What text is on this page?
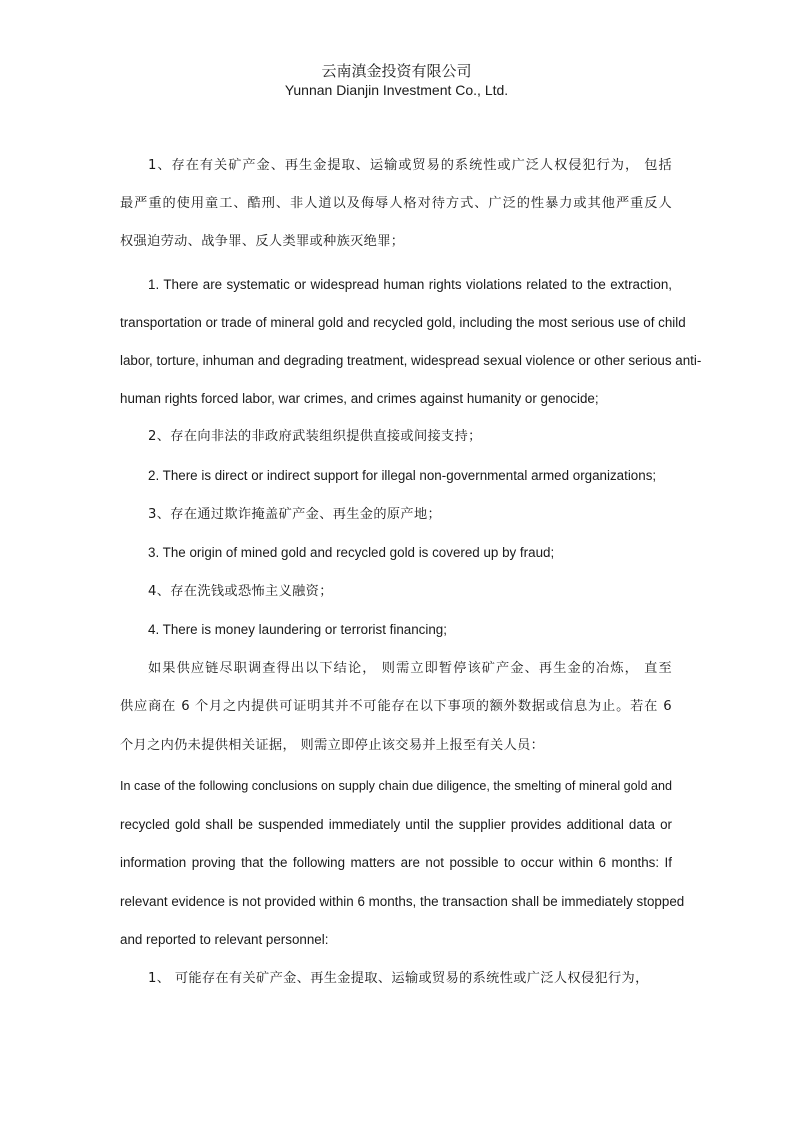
云南滇金投资有限公司
Yunnan Dianjin Investment Co., Ltd.
1、存在有关矿产金、再生金提取、运输或贸易的系统性或广泛人权侵犯行为， 包括
最严重的使用童工、酷刑、非人道以及侮辱人格对待方式、广泛的性暴力或其他严重反人
权强迫劳动、战争罪、反人类罪或种族灭绝罪；
1. There are systematic or widespread human rights violations related to the extraction,
transportation or trade of mineral gold and recycled gold, including the most serious use of child
labor, torture, inhuman and degrading treatment, widespread sexual violence or other serious anti-
human rights forced labor, war crimes, and crimes against humanity or genocide;
2、存在向非法的非政府武装组织提供直接或间接支持；
2. There is direct or indirect support for illegal non-governmental armed organizations;
3、存在通过欺诈掩盖矿产金、再生金的原产地；
3. The origin of mined gold and recycled gold is covered up by fraud;
4、存在洗钱或恐怖主义融资；
4. There is money laundering or terrorist financing;
如果供应链尽职调查得出以下结论， 则需立即暂停该矿产金、再生金的冶炼， 直至
供应商在 6 个月之内提供可证明其并不可能存在以下事项的额外数据或信息为止。若在 6
个月之内仍未提供相关证据， 则需立即停止该交易并上报至有关人员：
In case of the following conclusions on supply chain due diligence, the smelting of mineral gold and
recycled gold shall be suspended immediately until the supplier provides additional data or
information proving that the following matters are not possible to occur within 6 months: If
relevant evidence is not provided within 6 months, the transaction shall be immediately stopped
and reported to relevant personnel:
1、 可能存在有关矿产金、再生金提取、运输或贸易的系统性或广泛人权侵犯行为，
